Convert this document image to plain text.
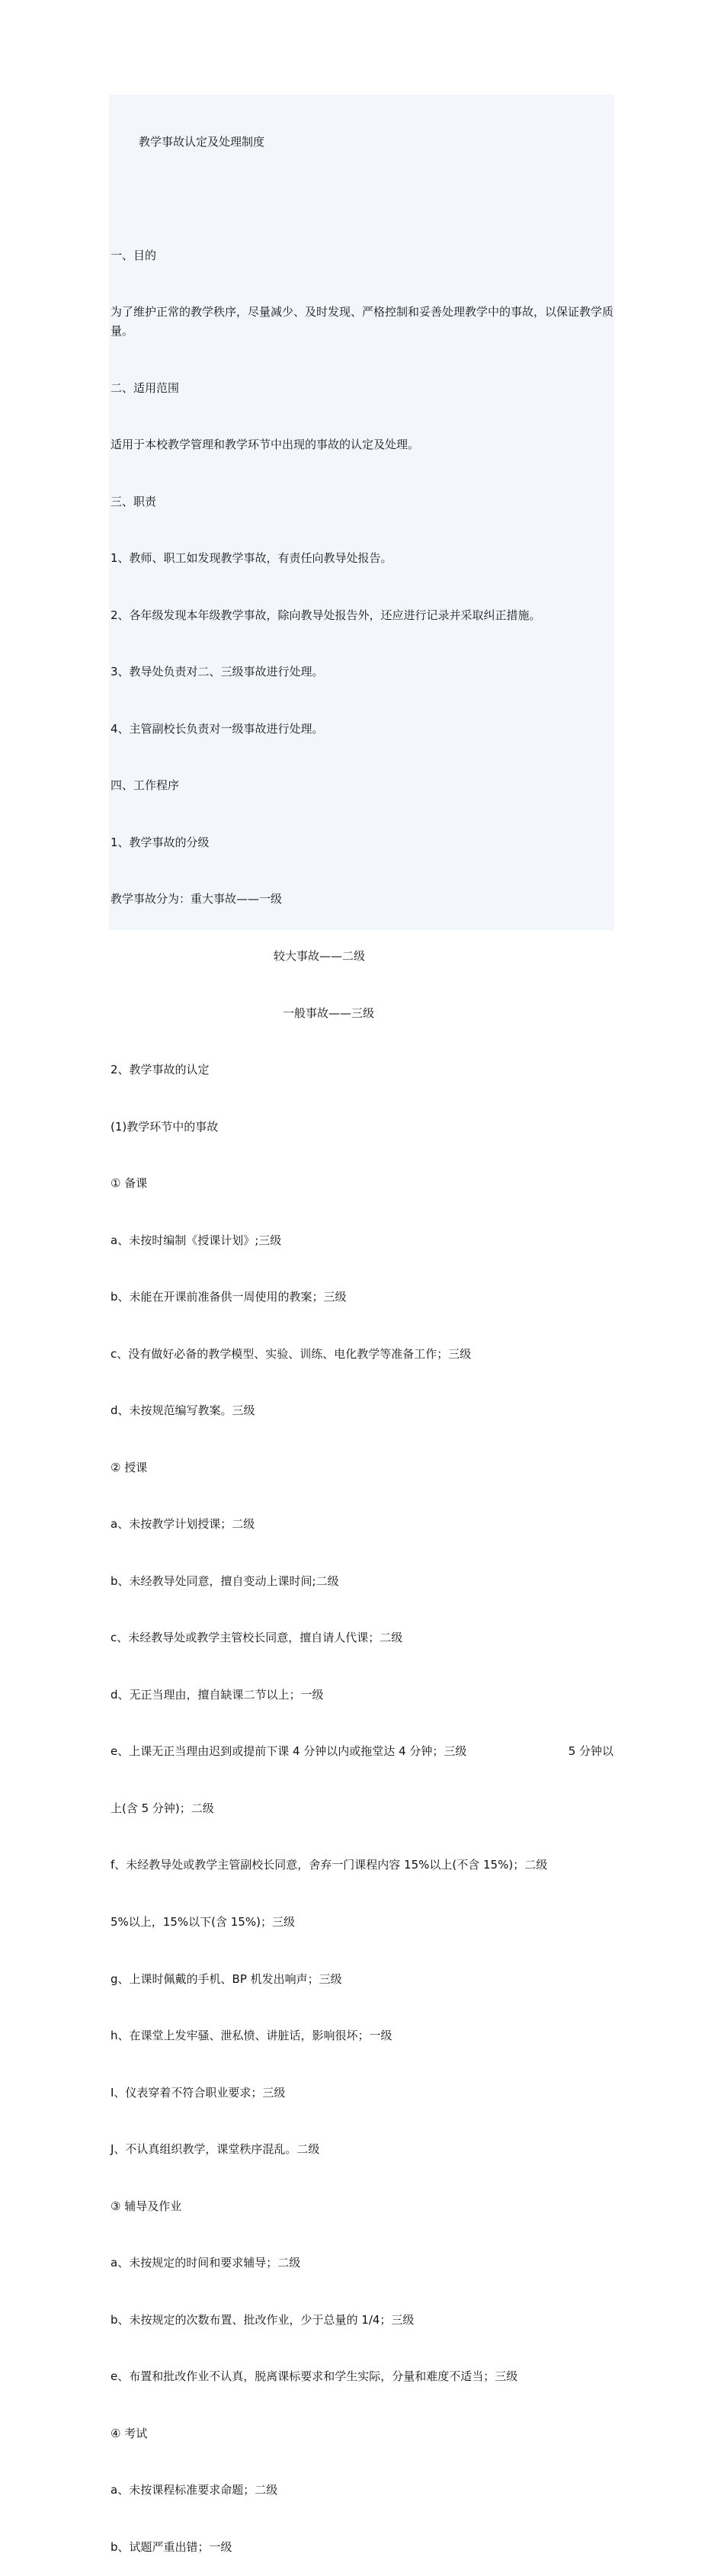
教学事故认定及处理制度

一、目的

为了维护正常的教学秩序，尽量减少、及时发现、严格控制和妥善处理教学中的事故，以保证教学质量。

二、适用范围

适用于本校教学管理和教学环节中出现的事故的认定及处理。

三、职责

1、教师、职工如发现教学事故，有责任向教导处报告。

2、各年级发现本年级教学事故，除向教导处报告外，还应进行记录并采取纠正措施。

3、教导处负责对二、三级事故进行处理。

4、主管副校长负责对一级事故进行处理。

四、工作程序

1、教学事故的分级

教学事故分为：重大事故——一级

较大事故——二级

一般事故——三级

2、教学事故的认定

(1)教学环节中的事故

① 备课

a、未按时编制《授课计划》;三级

b、未能在开课前准备供一周使用的教案；三级

c、没有做好必备的教学模型、实验、训练、电化教学等准备工作；三级

d、未按规范编写教案。三级

② 授课

a、未按教学计划授课；二级

b、未经教导处同意，擅自变动上课时间;二级

c、未经教导处或教学主管校长同意，擅自请人代课；二级

d、无正当理由，擅自缺课二节以上；一级

e、上课无正当理由迟到或提前下课 4 分钟以内或拖堂达 4 分钟；三级	5 分钟以

上(含 5 分钟)；二级

f、未经教导处或教学主管副校长同意，舍弃一门课程内容 15%以上(不含 15%)；二级

5%以上，15%以下(含 15%)；三级

g、上课时佩戴的手机、BP 机发出响声；三级

h、在课堂上发牢骚、泄私愤、讲脏话，影响很坏；一级

I、仪表穿着不符合职业要求；三级

J、不认真组织教学，课堂秩序混乱。二级

③ 辅导及作业

a、未按规定的时间和要求辅导；二级

b、未按规定的次数布置、批改作业，少于总量的 1/4；三级

e、布置和批改作业不认真，脱离课标要求和学生实际，分量和难度不适当；三级

④ 考试

a、未按课程标准要求命题；二级

b、试题严重出错；一级
